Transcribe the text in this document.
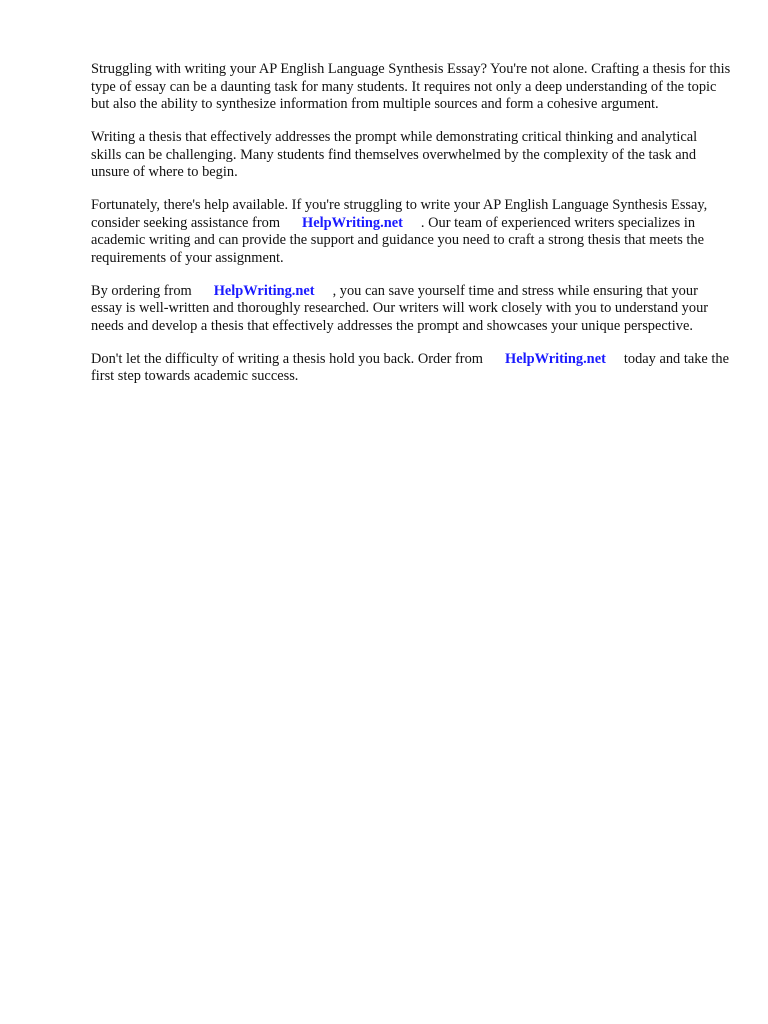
Struggling with writing your AP English Language Synthesis Essay? You're not alone. Crafting a thesis for this type of essay can be a daunting task for many students. It requires not only a deep understanding of the topic but also the ability to synthesize information from multiple sources and form a cohesive argument.

Writing a thesis that effectively addresses the prompt while demonstrating critical thinking and analytical skills can be challenging. Many students find themselves overwhelmed by the complexity of the task and unsure of where to begin.

Fortunately, there's help available. If you're struggling to write your AP English Language Synthesis Essay, consider seeking assistance from HelpWriting.net . Our team of experienced writers specializes in academic writing and can provide the support and guidance you need to craft a strong thesis that meets the requirements of your assignment.

By ordering from HelpWriting.net , you can save yourself time and stress while ensuring that your essay is well-written and thoroughly researched. Our writers will work closely with you to understand your needs and develop a thesis that effectively addresses the prompt and showcases your unique perspective.

Don't let the difficulty of writing a thesis hold you back. Order from HelpWriting.net today and take the first step towards academic success.
